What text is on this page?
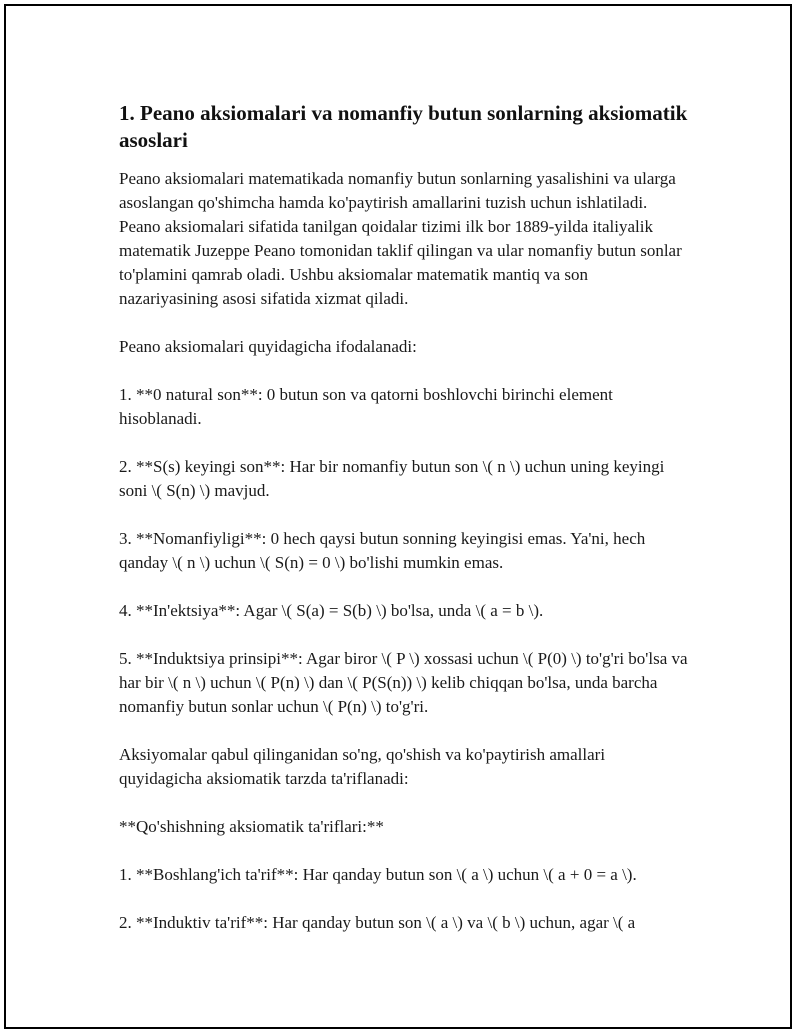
1. Peano aksiomalari va nomanfiy butun sonlarning aksiomatik asoslari

Peano aksiomalari matematikada nomanfiy butun sonlarning yasalishini va ularga asoslangan qo'shimcha hamda ko'paytirish amallarini tuzish uchun ishlatiladi. Peano aksiomalari sifatida tanilgan qoidalar tizimi ilk bor 1889-yilda italiyalik matematik Juzeppe Peano tomonidan taklif qilingan va ular nomanfiy butun sonlar to'plamini qamrab oladi. Ushbu aksiomalar matematik mantiq va son nazariyasining asosi sifatida xizmat qiladi.

Peano aksiomalari quyidagicha ifodalanadi:

1. **0 natural son**: 0 butun son va qatorni boshlovchi birinchi element hisoblanadi.

2. **S(s) keyingi son**: Har bir nomanfiy butun son \( n \) uchun uning keyingi soni \( S(n) \) mavjud.

3. **Nomanfiyligi**: 0 hech qaysi butun sonning keyingisi emas. Ya'ni, hech qanday \( n \) uchun \( S(n) = 0 \) bo'lishi mumkin emas.

4. **In'ektsiya**: Agar \( S(a) = S(b) \) bo'lsa, unda \( a = b \).

5. **Induktsiya prinsipi**: Agar biror \( P \) xossasi uchun \( P(0) \) to'g'ri bo'lsa va har bir \( n \) uchun \( P(n) \) dan \( P(S(n)) \) kelib chiqqan bo'lsa, unda barcha nomanfiy butun sonlar uchun \( P(n) \) to'g'ri.

Aksiyomalar qabul qilinganidan so'ng, qo'shish va ko'paytirish amallari quyidagicha aksiomatik tarzda ta'riflanadi:

**Qo'shishning aksiomatik ta'riflari:**

1. **Boshlang'ich ta'rif**: Har qanday butun son \( a \) uchun \( a + 0 = a \).

2. **Induktiv ta'rif**: Har qanday butun son \( a \) va \( b \) uchun, agar \( a
